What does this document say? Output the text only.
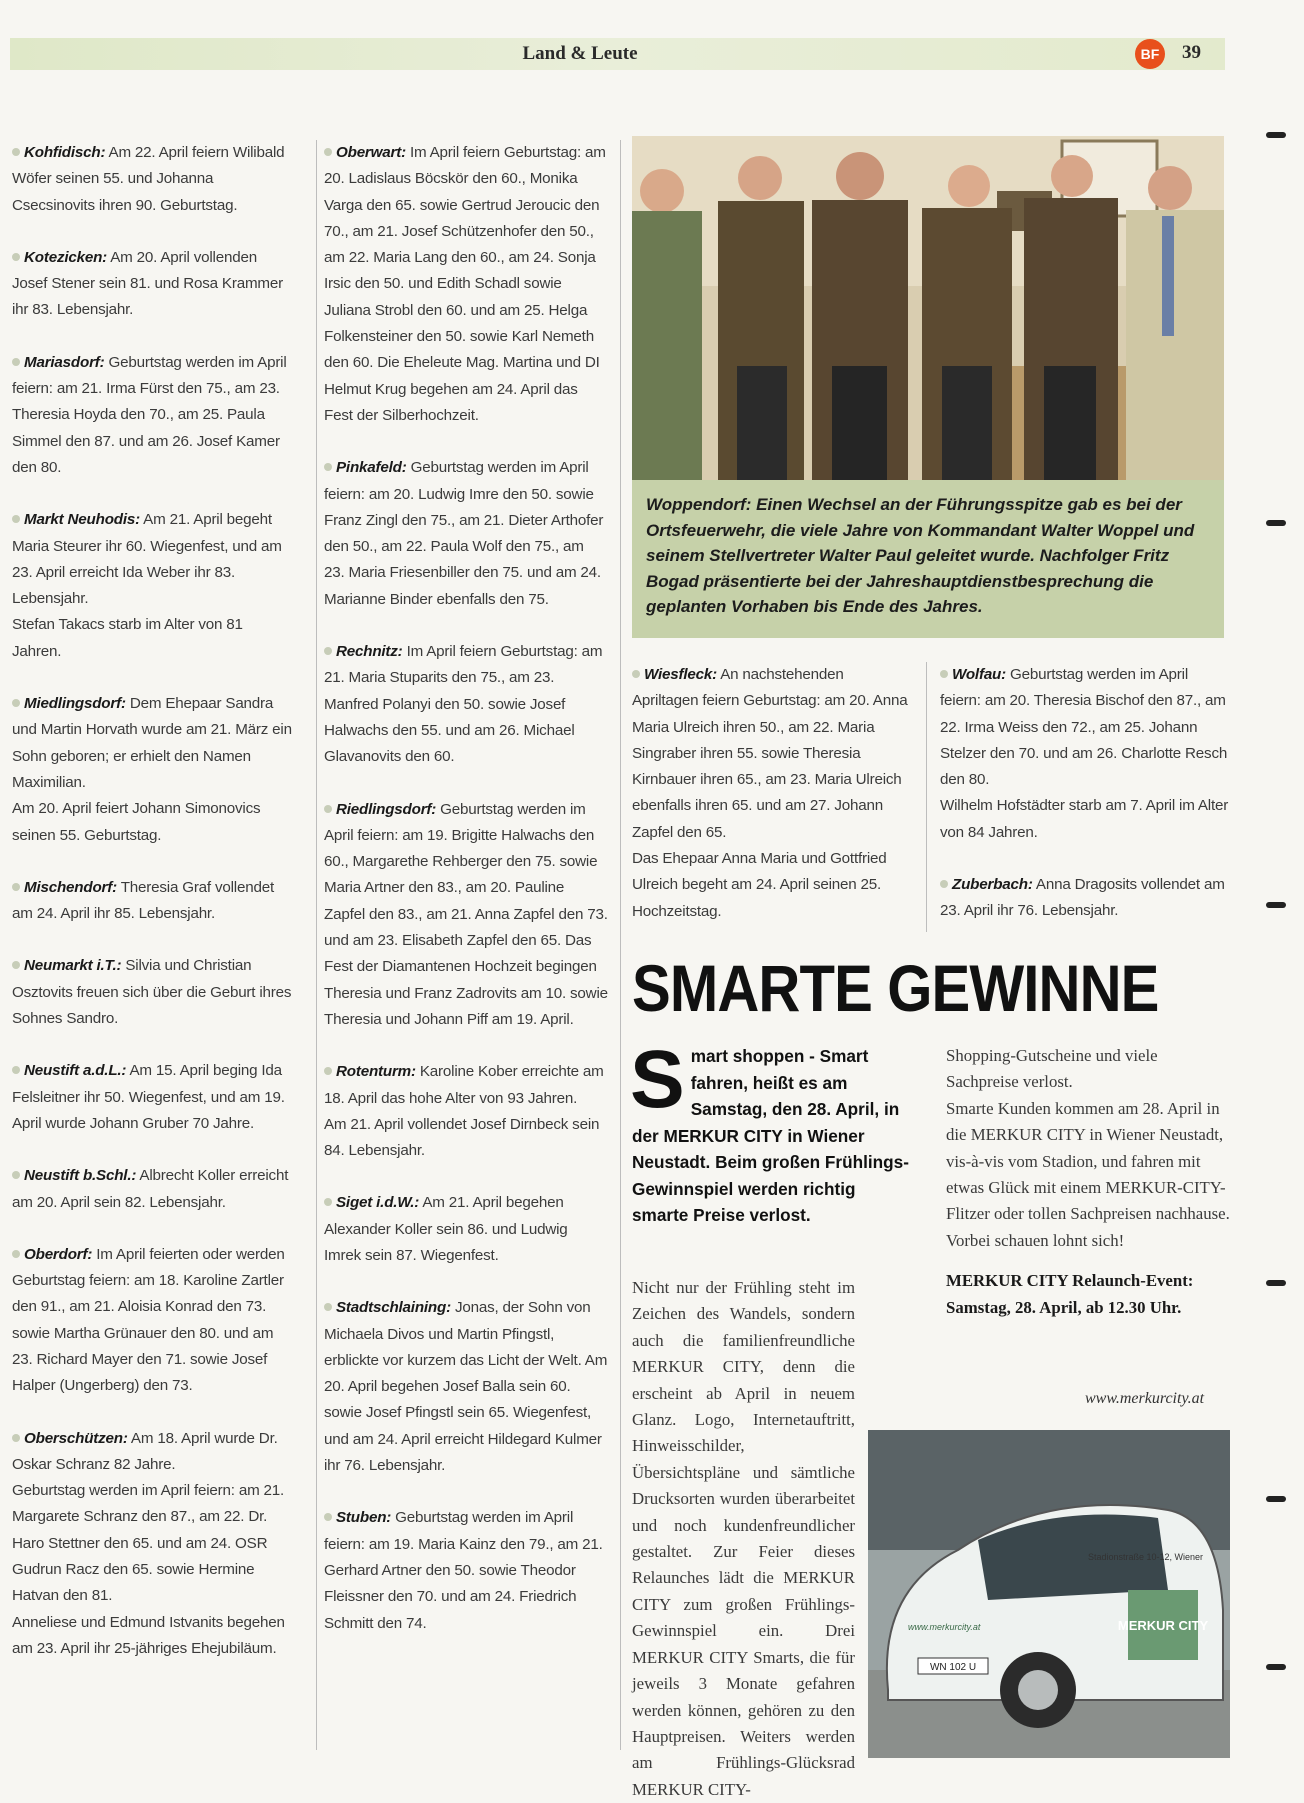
Land & Leute	BF 39

Kohfidisch: Am 22. April feiern Wilibald Wöfer seinen 55. und Johanna Csecsinovits ihren 90. Geburtstag.

Kotezicken: Am 20. April vollenden Josef Stener sein 81. und Rosa Krammer ihr 83. Lebensjahr.

Mariasdorf: Geburtstag werden im April feiern: am 21. Irma Fürst den 75., am 23. Theresia Hoyda den 70., am 25. Paula Simmel den 87. und am 26. Josef Kamer den 80.

Markt Neuhodis: Am 21. April begeht Maria Steurer ihr 60. Wiegenfest, und am 23. April erreicht Ida Weber ihr 83. Lebensjahr.
Stefan Takacs starb im Alter von 81 Jahren.

Miedlingsdorf: Dem Ehepaar Sandra und Martin Horvath wurde am 21. März ein Sohn geboren; er erhielt den Namen Maximilian.
Am 20. April feiert Johann Simonovics seinen 55. Geburtstag.

Mischendorf: Theresia Graf vollendet am 24. April ihr 85. Lebensjahr.

Neumarkt i.T.: Silvia und Christian Osztovits freuen sich über die Geburt ihres Sohnes Sandro.

Neustift a.d.L.: Am 15. April beging Ida Felsleitner ihr 50. Wiegenfest, und am 19. April wurde Johann Gruber 70 Jahre.

Neustift b.Schl.: Albrecht Koller erreicht am 20. April sein 82. Lebensjahr.

Oberdorf: Im April feierten oder werden Geburtstag feiern: am 18. Karoline Zartler den 91., am 21. Aloisia Konrad den 73. sowie Martha Grünauer den 80. und am 23. Richard Mayer den 71. sowie Josef Halper (Ungerberg) den 73.

Oberschützen: Am 18. April wurde Dr. Oskar Schranz 82 Jahre.
Geburtstag werden im April feiern: am 21. Margarete Schranz den 87., am 22. Dr. Haro Stettner den 65. und am 24. OSR Gudrun Racz den 65. sowie Hermine Hatvan den 81.
Anneliese und Edmund Istvanits begehen am 23. April ihr 25-jähriges Ehejubiläum.

Oberwart: Im April feiern Geburtstag: am 20. Ladislaus Böcskör den 60., Monika Varga den 65. sowie Gertrud Jeroucic den 70., am 21. Josef Schützenhofer den 50., am 22. Maria Lang den 60., am 24. Sonja Irsic den 50. und Edith Schadl sowie Juliana Strobl den 60. und am 25. Helga Folkensteiner den 50. sowie Karl Nemeth den 60. Die Eheleute Mag. Martina und DI Helmut Krug begehen am 24. April das Fest der Silberhochzeit.

Pinkafeld: Geburtstag werden im April feiern: am 20. Ludwig Imre den 50. sowie Franz Zingl den 75., am 21. Dieter Arthofer den 50., am 22. Paula Wolf den 75., am 23. Maria Friesenbiller den 75. und am 24. Marianne Binder ebenfalls den 75.

Rechnitz: Im April feiern Geburtstag: am 21. Maria Stuparits den 75., am 23. Manfred Polanyi den 50. sowie Josef Halwachs den 55. und am 26. Michael Glavanovits den 60.

Riedlingsdorf: Geburtstag werden im April feiern: am 19. Brigitte Halwachs den 60., Margarethe Rehberger den 75. sowie Maria Artner den 83., am 20. Pauline Zapfel den 83., am 21. Anna Zapfel den 73. und am 23. Elisabeth Zapfel den 65. Das Fest der Diamantenen Hochzeit begingen Theresia und Franz Zadrovits am 10. sowie Theresia und Johann Piff am 19. April.

Rotenturm: Karoline Kober erreichte am 18. April das hohe Alter von 93 Jahren.
Am 21. April vollendet Josef Dirnbeck sein 84. Lebensjahr.

Siget i.d.W.: Am 21. April begehen Alexander Koller sein 86. und Ludwig Imrek sein 87. Wiegenfest.

Stadtschlaining: Jonas, der Sohn von Michaela Divos und Martin Pfingstl, erblickte vor kurzem das Licht der Welt. Am 20. April begehen Josef Balla sein 60. sowie Josef Pfingstl sein 65. Wiegenfest, und am 24. April erreicht Hildegard Kulmer ihr 76. Lebensjahr.

Stuben: Geburtstag werden im April feiern: am 19. Maria Kainz den 79., am 21. Gerhard Artner den 50. sowie Theodor Fleissner den 70. und am 24. Friedrich Schmitt den 74.

Woppendorf: Einen Wechsel an der Führungsspitze gab es bei der Ortsfeuerwehr, die viele Jahre von Kommandant Walter Woppel und seinem Stellvertreter Walter Paul geleitet wurde. Nachfolger Fritz Bogad präsentierte bei der Jahreshauptdienstbesprechung die geplanten Vorhaben bis Ende des Jahres.

Wiesfleck: An nachstehenden Apriltagen feiern Geburtstag: am 20. Anna Maria Ulreich ihren 50., am 22. Maria Singraber ihren 55. sowie Theresia Kirnbauer ihren 65., am 23. Maria Ulreich ebenfalls ihren 65. und am 27. Johann Zapfel den 65.
Das Ehepaar Anna Maria und Gottfried Ulreich begeht am 24. April seinen 25. Hochzeitstag.

Wolfau: Geburtstag werden im April feiern: am 20. Theresia Bischof den 87., am 22. Irma Weiss den 72., am 25. Johann Stelzer den 70. und am 26. Charlotte Resch den 80.
Wilhelm Hofstädter starb am 7. April im Alter von 84 Jahren.

Zuberbach: Anna Dragosits vollendet am 23. April ihr 76. Lebensjahr.

SMARTE GEWINNE
Smart shoppen - Smart fahren, heißt es am Samstag, den 28. April, in der MERKUR CITY in Wiener Neustadt. Beim großen Frühlings-Gewinnspiel werden richtig smarte Preise verlost.

Nicht nur der Frühling steht im Zeichen des Wandels, sondern auch die familienfreundliche MERKUR CITY, denn die erscheint ab April in neuem Glanz. Logo, Internetauftritt, Hinweisschilder, Übersichtspläne und sämtliche Drucksorten wurden überarbeitet und noch kundenfreundlicher gestaltet. Zur Feier dieses Relaunches lädt die MERKUR CITY zum großen Frühlings-Gewinnspiel ein. Drei MERKUR CITY Smarts, die für jeweils 3 Monate gefahren werden können, gehören zu den Hauptpreisen. Weiters werden am Frühlings-Glücksrad MERKUR CITY-

Shopping-Gutscheine und viele Sachpreise verlost.

Smarte Kunden kommen am 28. April in die MERKUR CITY in Wiener Neustadt, vis-à-vis vom Stadion, und fahren mit etwas Glück mit einem MERKUR-CITY-Flitzer oder tollen Sachpreisen nachhause. Vorbei schauen lohnt sich!

MERKUR CITY Relaunch-Event: Samstag, 28. April, ab 12.30 Uhr.

www.merkurcity.at
MERKUR CITY
Stadionstraße 10-12, Wiener
www.merkurcity.at
WN 102 U
